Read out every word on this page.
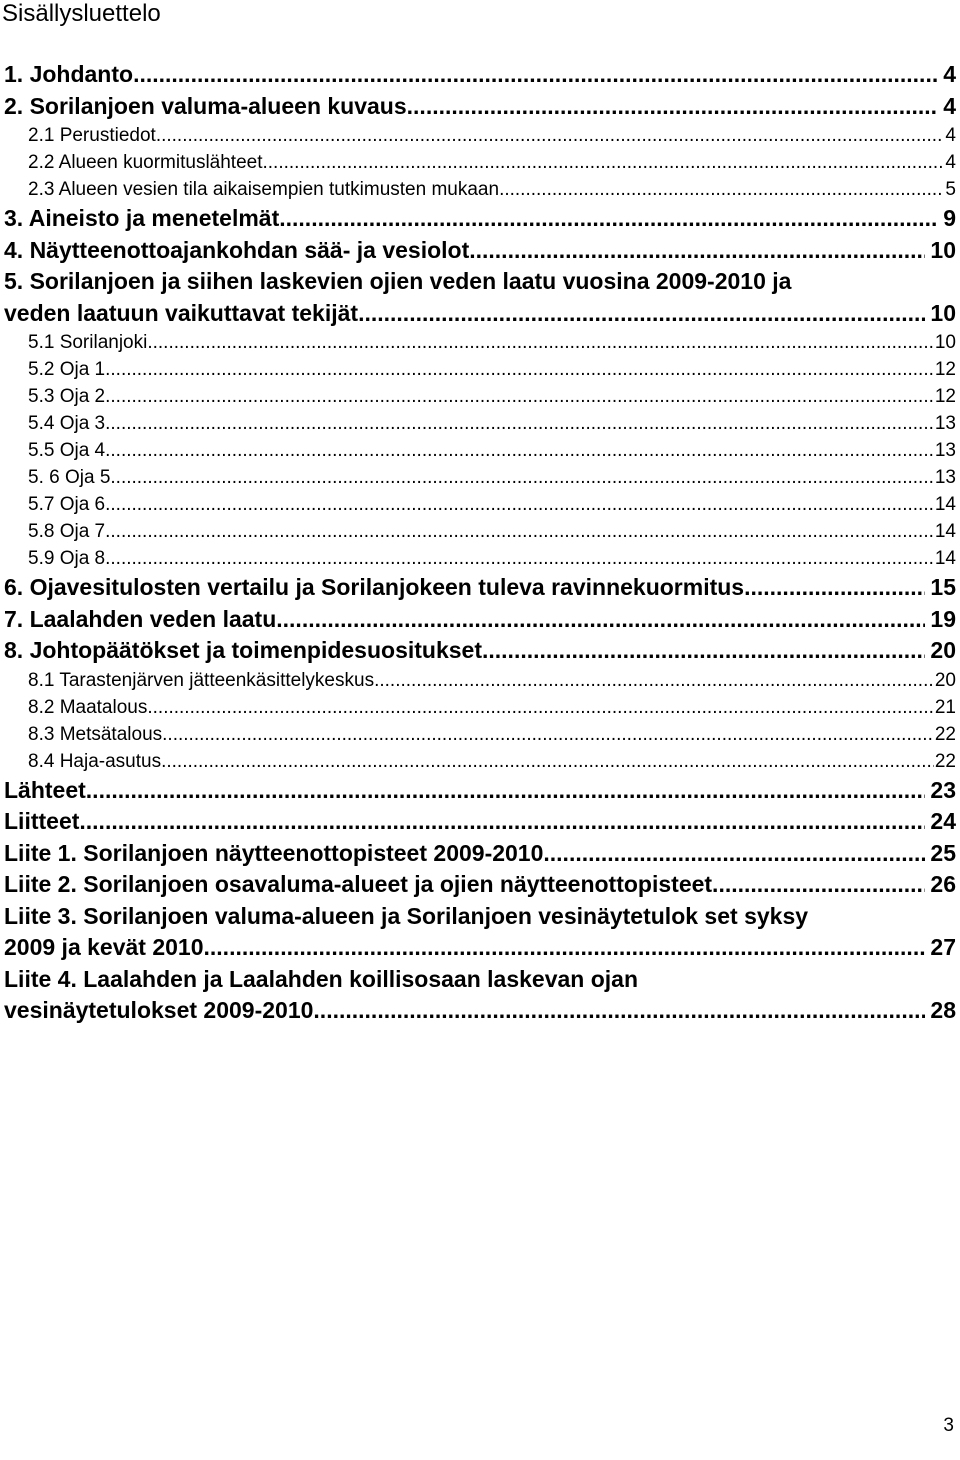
Sisällysluettelo
1. Johdanto .....	4
2. Sorilanjoen valuma-alueen kuvaus .....	4
2.1 Perustiedot .....	4
2.2 Alueen kuormituslähteet .....	4
2.3 Alueen vesien tila aikaisempien tutkimusten mukaan .....	5
3. Aineisto ja menetelmät .....	9
4. Näytteenottoajankohdan sää- ja vesiolot .....	10
5. Sorilanjoen ja siihen laskevien ojien veden laatu vuosina 2009-2010 ja
veden laatuun vaikuttavat tekijät .....	10
5.1 Sorilanjoki .....	10
5.2 Oja 1 .....	12
5.3 Oja 2 .....	12
5.4 Oja 3 .....	13
5.5 Oja 4 .....	13
5. 6 Oja 5 .....	13
5.7 Oja 6 .....	14
5.8 Oja 7 .....	14
5.9 Oja 8 .....	14
6. Ojavesitulosten vertailu ja Sorilanjokeen tuleva ravinnekuormitus .....	15
7. Laalahden veden laatu .....	19
8. Johtopäätökset ja toimenpidesuositukset .....	20
8.1 Tarastenjärven jätteenkäsittelykeskus .....	20
8.2 Maatalous .....	21
8.3 Metsätalous .....	22
8.4 Haja-asutus .....	22
Lähteet .....	23
Liitteet .....	24
Liite 1. Sorilanjoen näytteenottopisteet 2009-2010 .....	25
Liite 2. Sorilanjoen osavaluma-alueet ja ojien näytteenottopisteet. .....	26
Liite 3. Sorilanjoen valuma-alueen ja Sorilanjoen vesinäytetulok set syksy
2009 ja kevät 2010 .....	27
Liite 4. Laalahden ja Laalahden koillisosaan laskevan ojan
vesinäytetulokset 2009-2010 .....	28
3
